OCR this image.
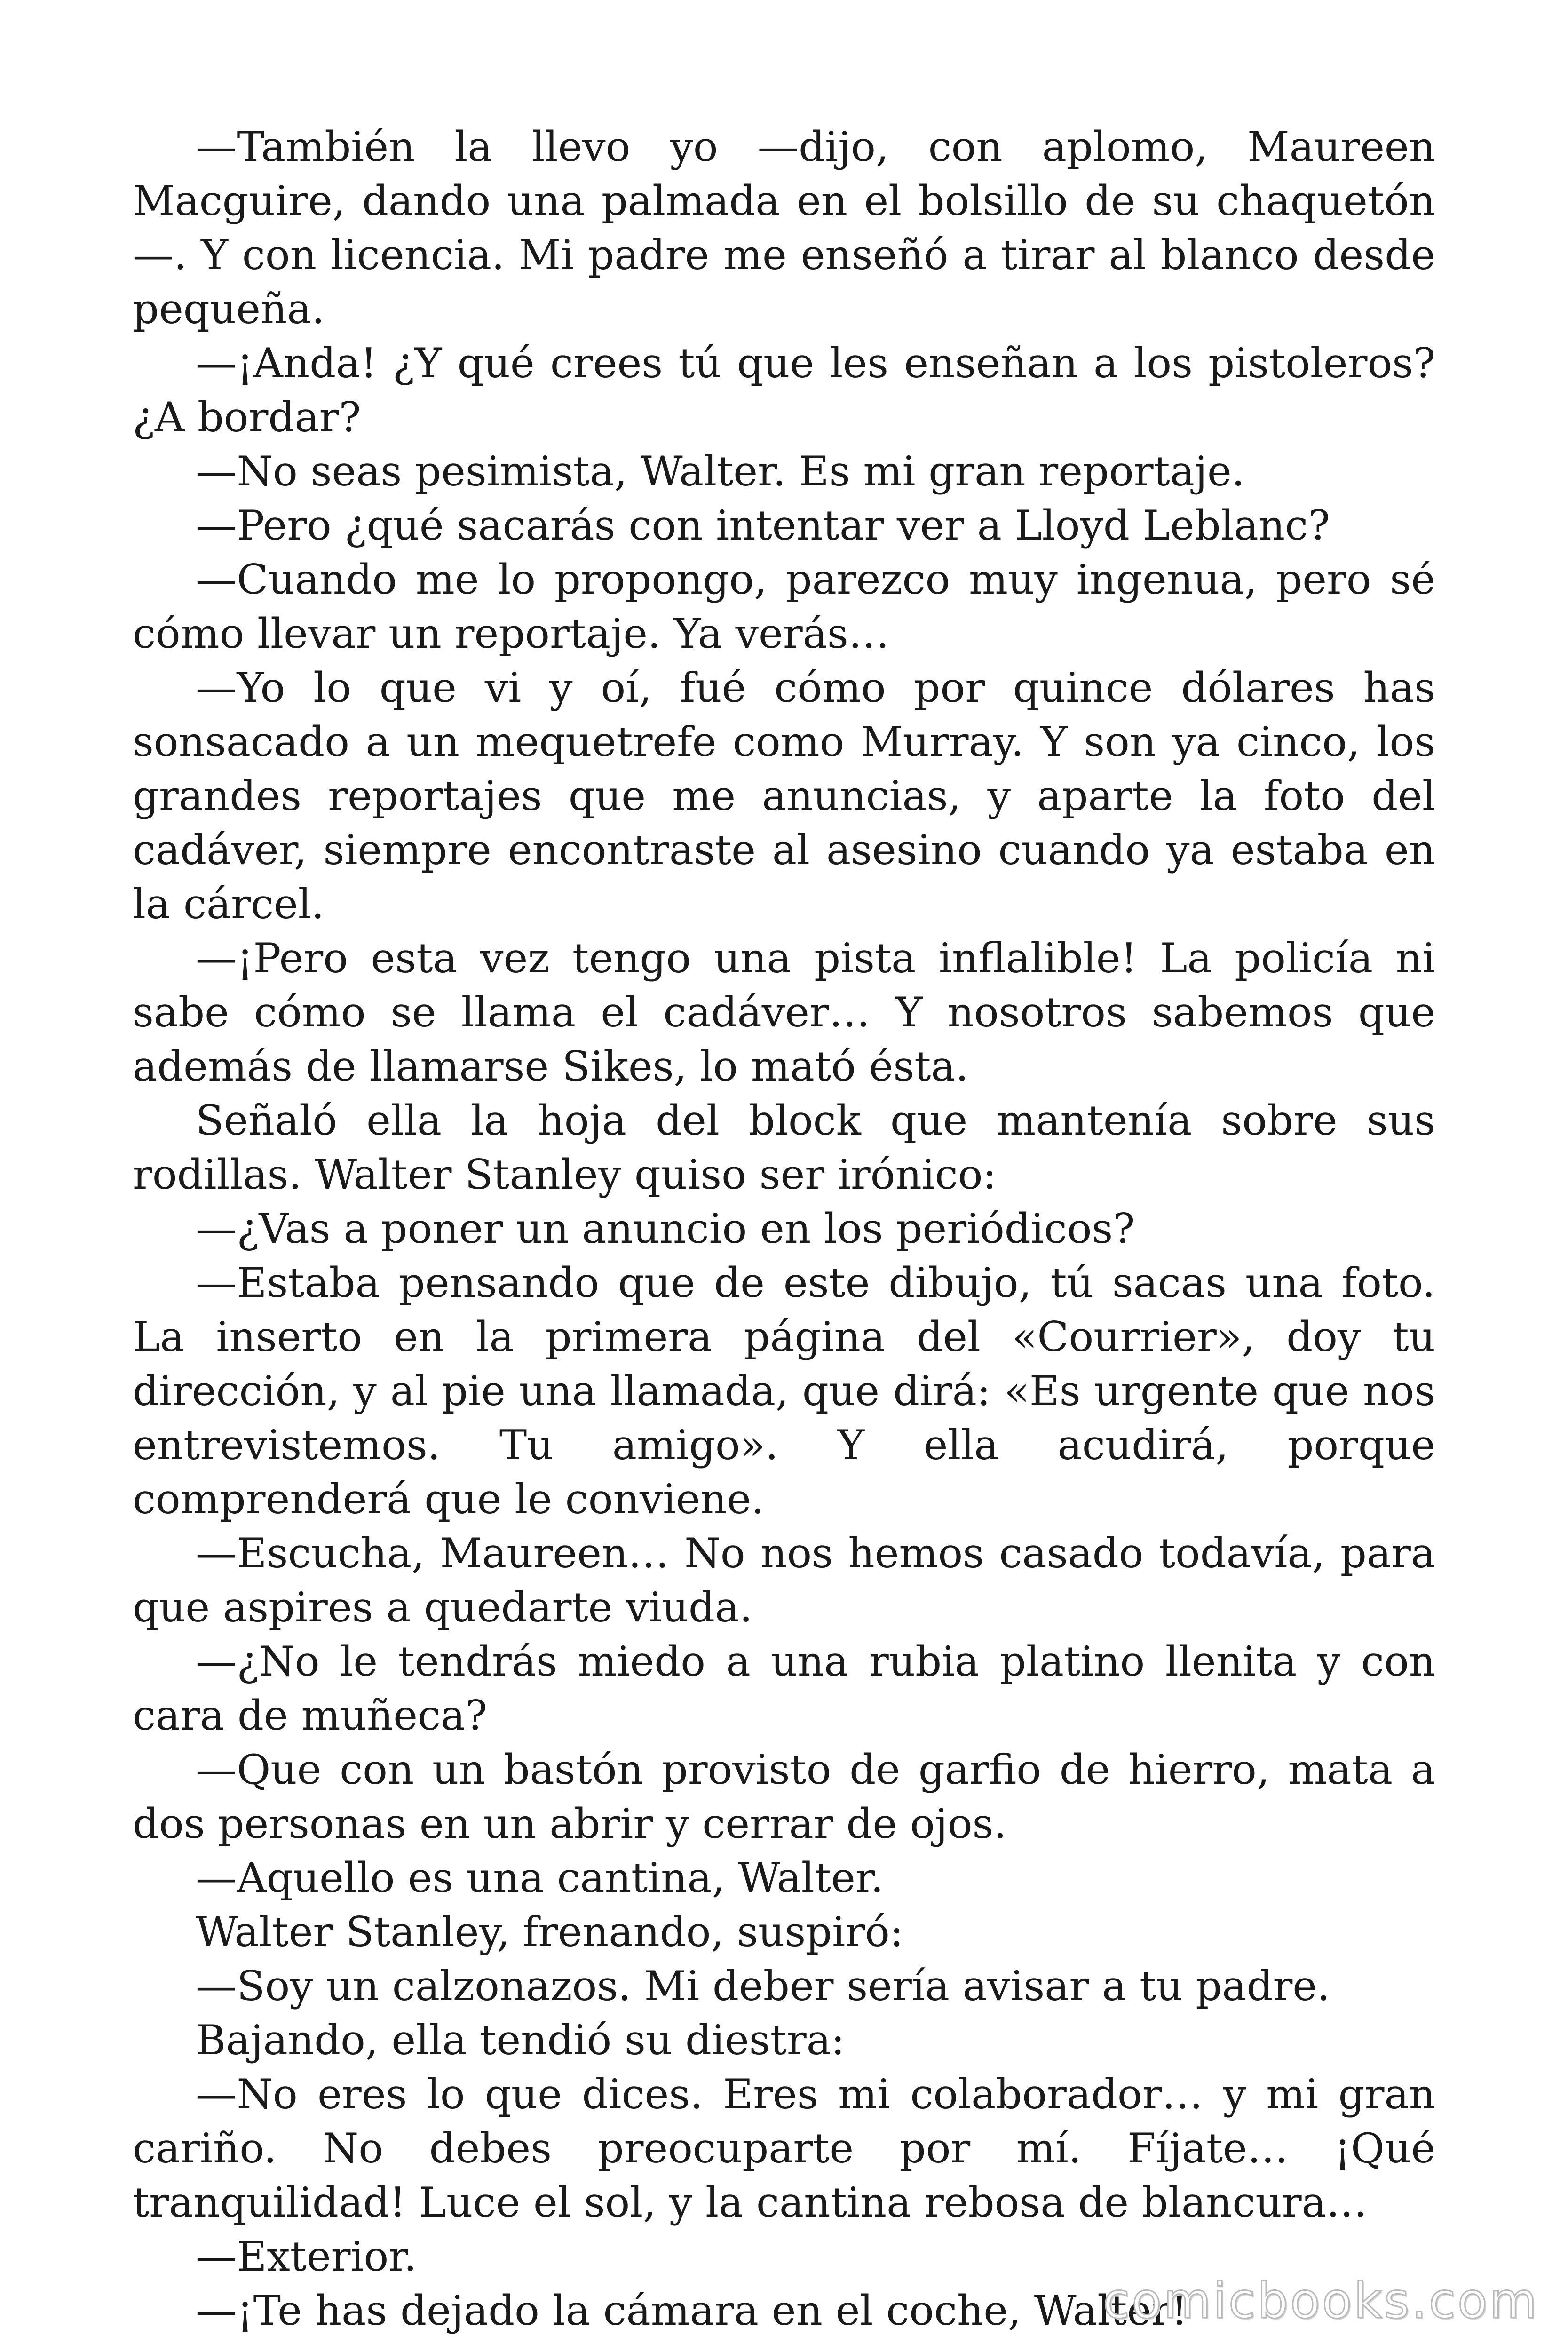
—También la llevo yo —dijo, con aplomo, Maureen Macguire, dando una palmada en el bolsillo de su chaquetón—. Y con licencia. Mi padre me enseñó a tirar al blanco desde pequeña.

—¡Anda! ¿Y qué crees tú que les enseñan a los pistoleros? ¿A bordar?

—No seas pesimista, Walter. Es mi gran reportaje.

—Pero ¿qué sacarás con intentar ver a Lloyd Leblanc?

—Cuando me lo propongo, parezco muy ingenua, pero sé cómo llevar un reportaje. Ya verás…

—Yo lo que vi y oí, fué cómo por quince dólares has sonsacado a un mequetrefe como Murray. Y son ya cinco, los grandes reportajes que me anuncias, y aparte la foto del cadáver, siempre encontraste al asesino cuando ya estaba en la cárcel.

—¡Pero esta vez tengo una pista inflalible! La policía ni sabe cómo se llama el cadáver… Y nosotros sabemos que además de llamarse Sikes, lo mató ésta.

Señaló ella la hoja del block que mantenía sobre sus rodillas. Walter Stanley quiso ser irónico:

—¿Vas a poner un anuncio en los periódicos?

—Estaba pensando que de este dibujo, tú sacas una foto. La inserto en la primera página del «Courrier», doy tu dirección, y al pie una llamada, que dirá: «Es urgente que nos entrevistemos. Tu amigo». Y ella acudirá, porque comprenderá que le conviene.

—Escucha, Maureen… No nos hemos casado todavía, para que aspires a quedarte viuda.

—¿No le tendrás miedo a una rubia platino llenita y con cara de muñeca?

—Que con un bastón provisto de garfio de hierro, mata a dos personas en un abrir y cerrar de ojos.

—Aquello es una cantina, Walter.

Walter Stanley, frenando, suspiró:

—Soy un calzonazos. Mi deber sería avisar a tu padre.

Bajando, ella tendió su diestra:

—No eres lo que dices. Eres mi colaborador… y mi gran cariño. No debes preocuparte por mí. Fíjate… ¡Qué tranquilidad! Luce el sol, y la cantina rebosa de blancura…

—Exterior.

—¡Te has dejado la cámara en el coche, Walter!

comicbooks.com
